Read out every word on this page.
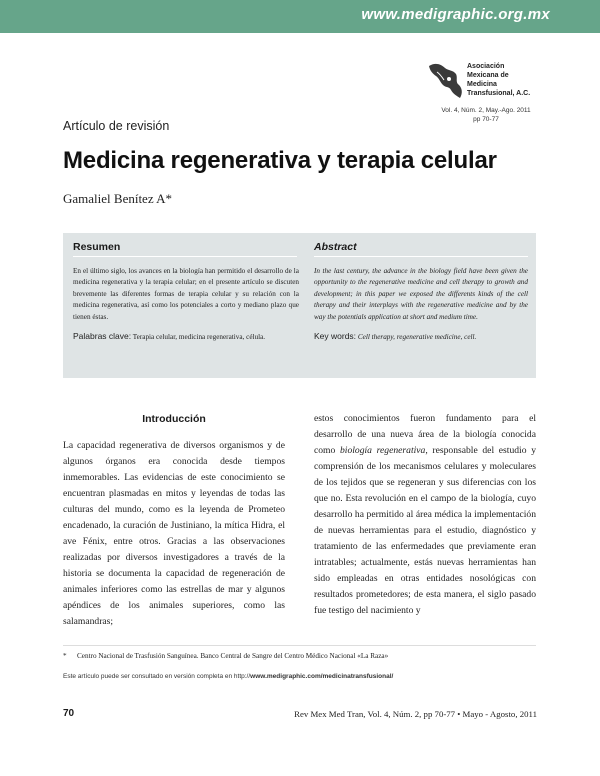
www.medigraphic.org.mx
Asociación
Mexicana de
Medicina
Transfusional, A.C.
Vol. 4, Núm. 2, May.-Ago. 2011
pp 70-77
Artículo de revisión
Medicina regenerativa y terapia celular
Gamaliel Benítez A*
Resumen
En el último siglo, los avances en la biología han permitido el desarrollo de la medicina regenerativa y la terapia celular; en el presente artículo se discuten brevemente las diferentes formas de terapia celular y su relación con la medicina regenerativa, así como los potenciales a corto y mediano plazo que tienen éstas.
Palabras clave: Terapia celular, medicina regenerativa, célula.
Abstract
In the last century, the advance in the biology field have been given the opportunity to the regenerative medicine and cell therapy to growth and development; in this paper we exposed the differents kinds of the cell therapy and their interplays with the regenerative medicine and by the way the potentials application at short and medium time.
Key words: Cell therapy, regenerative medicine, cell.
Introducción

La capacidad regenerativa de diversos organismos y de algunos órganos era conocida desde tiempos inmemorables. Las evidencias de este conocimiento se encuentran plasmadas en mitos y leyendas de todas las culturas del mundo, como es la leyenda de Prometeo encadenado, la curación de Justiniano, la mítica Hidra, el ave Fénix, entre otros. Gracias a las observaciones realizadas por diversos investigadores a través de la historia se documenta la capacidad de regeneración de animales inferiores como las estrellas de mar y algunos apéndices de los animales superiores, como las salamandras;

estos conocimientos fueron fundamento para el desarrollo de una nueva área de la biología conocida como biología regenerativa, responsable del estudio y comprensión de los mecanismos celulares y moleculares de los tejidos que se regeneran y sus diferencias con los que no. Esta revolución en el campo de la biología, cuyo desarrollo ha permitido al área médica la implementación de nuevas herramientas para el estudio, diagnóstico y tratamiento de las enfermedades que previamente eran intratables; actualmente, estás nuevas herramientas han sido empleadas en otras entidades nosológicas con resultados prometedores; de esta manera, el siglo pasado fue testigo del nacimiento y

* Centro Nacional de Trasfusión Sanguínea. Banco Central de Sangre del Centro Médico Nacional «La Raza»
Este artículo puede ser consultado en versión completa en http://www.medigraphic.com/medicinatransfusional/
70	Rev Mex Med Tran, Vol. 4, Núm. 2, pp 70-77 • Mayo - Agosto, 2011
